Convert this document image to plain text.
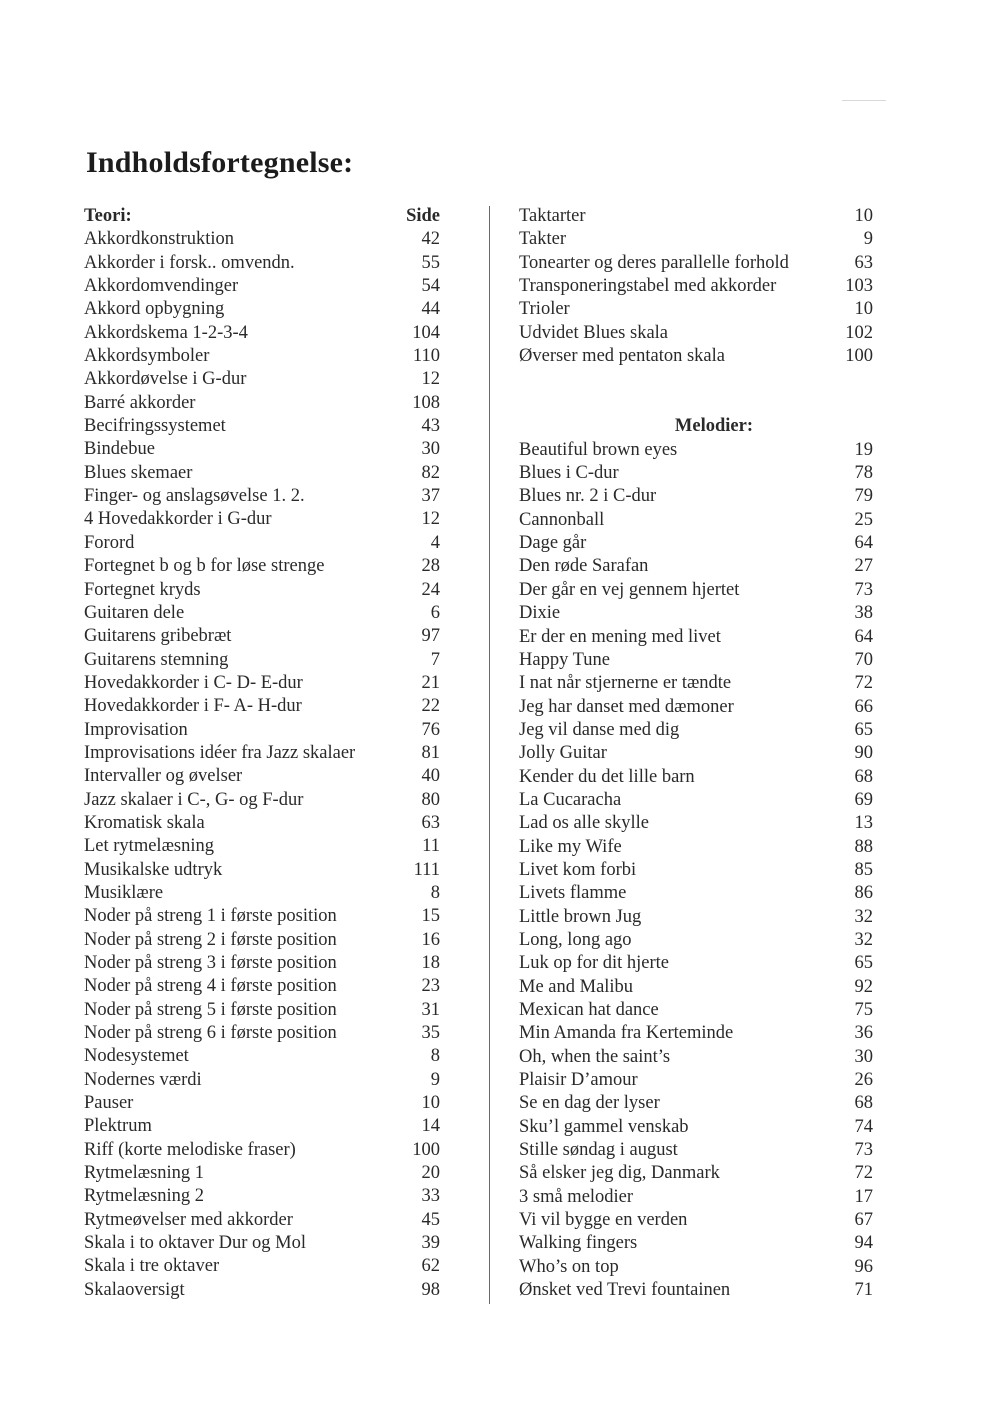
Indholdsfortegnelse:
Teori:	Side
Akkordkonstruktion	42
Akkorder i forsk.. omvendn.	55
Akkordomvendinger	54
Akkord opbygning	44
Akkordskema 1-2-3-4	104
Akkordsymboler	110
Akkordøvelse i G-dur	12
Barré akkorder	108
Becifringssystemet	43
Bindebue	30
Blues skemaer	82
Finger- og anslagsøvelse 1. 2.	37
4 Hovedakkorder i G-dur	12
Forord	4
Fortegnet b og b for løse strenge	28
Fortegnet kryds	24
Guitaren dele	6
Guitarens gribebræt	97
Guitarens stemning	7
Hovedakkorder i C- D- E-dur	21
Hovedakkorder i F- A- H-dur	22
Improvisation	76
Improvisations idéer fra Jazz skalaer	81
Intervaller og øvelser	40
Jazz skalaer i C-, G- og F-dur	80
Kromatisk skala	63
Let rytmelæsning	11
Musikalske udtryk	111
Musiklære	8
Noder på streng 1 i første position	15
Noder på streng 2 i første position	16
Noder på streng 3 i første position	18
Noder på streng 4 i første position	23
Noder på streng 5 i første position	31
Noder på streng 6 i første position	35
Nodesystemet	8
Nodernes værdi	9
Pauser	10
Plektrum	14
Riff (korte melodiske fraser)	100
Rytmelæsning 1	20
Rytmelæsning 2	33
Rytmeøvelser med akkorder	45
Skala i to oktaver Dur og Mol	39
Skala i tre oktaver	62
Skalaoversigt	98
Taktarter	10
Takter	9
Tonearter og deres parallelle forhold	63
Transponeringstabel med akkorder	103
Trioler	10
Udvidet Blues skala	102
Øverser med pentaton skala	100
Melodier:
Beautiful brown eyes	19
Blues i C-dur	78
Blues nr. 2 i C-dur	79
Cannonball	25
Dage går	64
Den røde Sarafan	27
Der går en vej gennem hjertet	73
Dixie	38
Er der en mening med livet	64
Happy Tune	70
I nat når stjernerne er tændte	72
Jeg har danset med dæmoner	66
Jeg vil danse med dig	65
Jolly Guitar	90
Kender du det lille barn	68
La Cucaracha	69
Lad os alle skylle	13
Like my Wife	88
Livet kom forbi	85
Livets flamme	86
Little brown Jug	32
Long, long ago	32
Luk op for dit hjerte	65
Me and Malibu	92
Mexican hat dance	75
Min Amanda fra Kerteminde	36
Oh, when the saint’s	30
Plaisir D’amour	26
Se en dag der lyser	68
Sku’l gammel venskab	74
Stille søndag i august	73
Så elsker jeg dig, Danmark	72
3 små melodier	17
Vi vil bygge en verden	67
Walking fingers	94
Who’s on top	96
Ønsket ved Trevi fountainen	71
